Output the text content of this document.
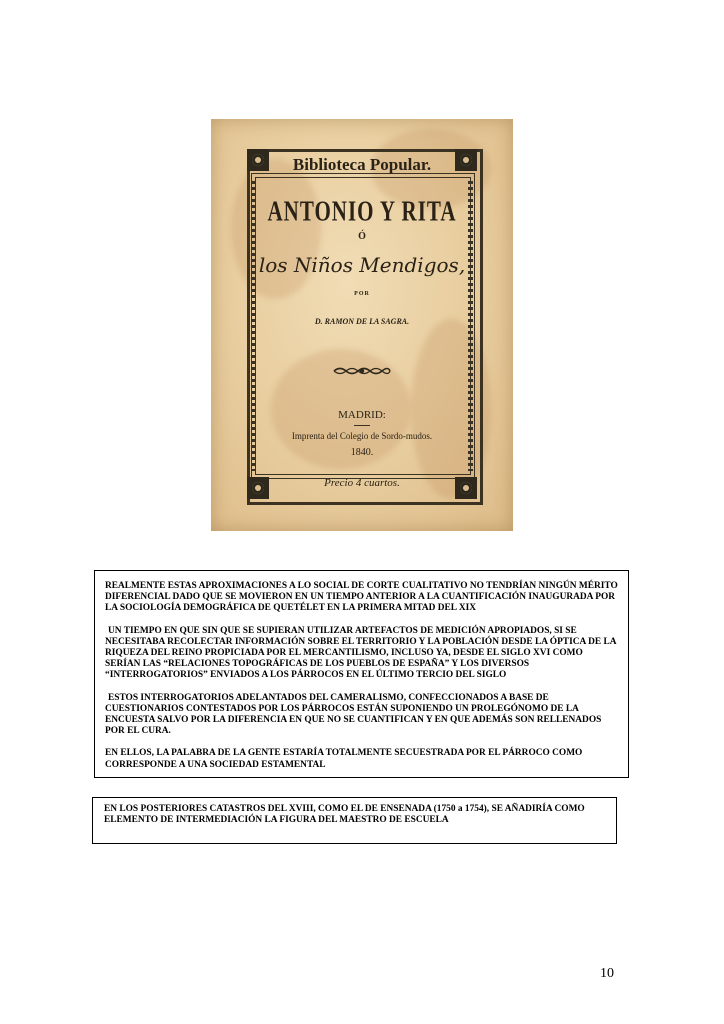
Biblioteca Popular.
ANTONIO Y RITA
Ó
los Niños Mendigos,
POR
D. RAMON DE LA SAGRA.
MADRID:
Imprenta del Colegio de Sordo-mudos.
1840.
Precio 4 cuartos.

REALMENTE ESTAS APROXIMACIONES A LO SOCIAL DE CORTE CUALITATIVO NO TENDRÍAN NINGÚN MÉRITO DIFERENCIAL DADO QUE SE MOVIERON EN UN TIEMPO ANTERIOR A LA CUANTIFICACIÓN INAUGURADA POR LA SOCIOLOGÍA DEMOGRÁFICA DE QUETÉLET EN LA PRIMERA MITAD DEL XIX

UN TIEMPO EN QUE SIN QUE SE SUPIERAN UTILIZAR ARTEFACTOS DE MEDICIÓN APROPIADOS, SI SE NECESITABA RECOLECTAR INFORMACIÓN SOBRE EL TERRITORIO Y LA POBLACIÓN DESDE LA ÓPTICA DE LA RIQUEZA DEL REINO PROPICIADA POR EL MERCANTILISMO, INCLUSO YA, DESDE EL SIGLO XVI COMO SERÍAN LAS “RELACIONES TOPOGRÁFICAS DE LOS PUEBLOS DE ESPAÑA” Y LOS DIVERSOS “INTERROGATORIOS” ENVIADOS A LOS PÁRROCOS EN EL ÚLTIMO TERCIO DEL SIGLO

ESTOS INTERROGATORIOS ADELANTADOS DEL CAMERALISMO, CONFECCIONADOS A BASE DE CUESTIONARIOS CONTESTADOS POR LOS PÁRROCOS ESTÁN SUPONIENDO UN PROLEGÓNOMO DE LA ENCUESTA SALVO POR LA DIFERENCIA EN QUE NO SE CUANTIFICAN Y EN QUE ADEMÁS SON RELLENADOS POR EL CURA.

EN ELLOS, LA PALABRA DE LA GENTE ESTARÍA TOTALMENTE SECUESTRADA POR EL PÁRROCO COMO CORRESPONDE A UNA SOCIEDAD ESTAMENTAL

EN LOS POSTERIORES CATASTROS DEL XVIII, COMO EL DE ENSENADA (1750 a 1754), SE AÑADIRÍA COMO ELEMENTO DE INTERMEDIACIÓN LA FIGURA DEL MAESTRO DE ESCUELA

10
